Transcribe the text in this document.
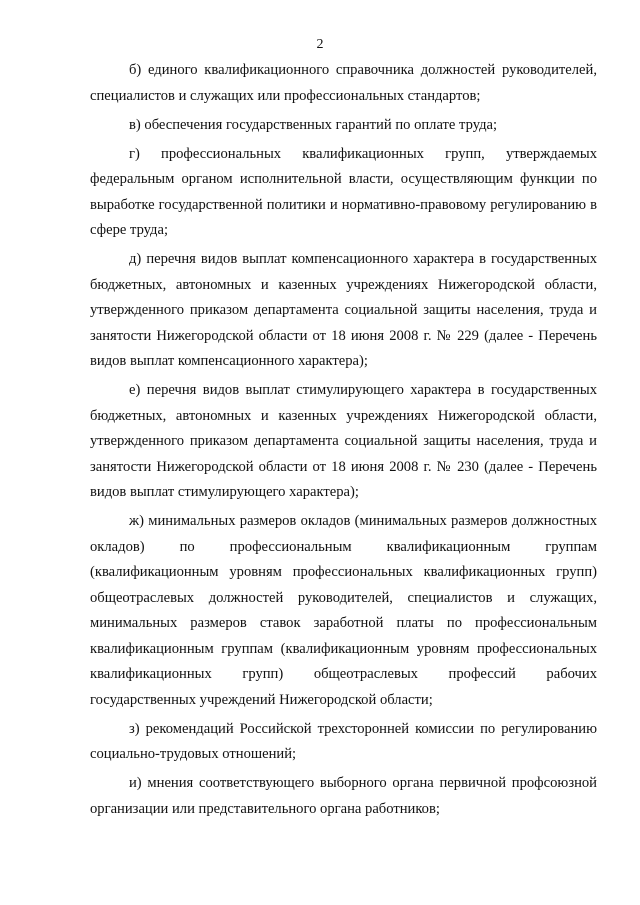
2

б) единого квалификационного справочника должностей руководителей, специалистов и служащих или профессиональных стандартов;

в) обеспечения государственных гарантий по оплате труда;

г) профессиональных квалификационных групп, утверждаемых федеральным органом исполнительной власти, осуществляющим функции по выработке государственной политики и нормативно-правовому регулированию в сфере труда;

д) перечня видов выплат компенсационного характера в государственных бюджетных, автономных и казенных учреждениях Нижегородской области, утвержденного приказом департамента социальной защиты населения, труда и занятости Нижегородской области от 18 июня 2008 г. № 229 (далее - Перечень видов выплат компенсационного характера);

е) перечня видов выплат стимулирующего характера в государственных бюджетных, автономных и казенных учреждениях Нижегородской области, утвержденного приказом департамента социальной защиты населения, труда и занятости Нижегородской области от 18 июня 2008 г. № 230 (далее - Перечень видов выплат стимулирующего характера);

ж) минимальных размеров окладов (минимальных размеров должностных окладов) по профессиональным квалификационным группам (квалификационным уровням профессиональных квалификационных групп) общеотраслевых должностей руководителей, специалистов и служащих, минимальных размеров ставок заработной платы по профессиональным квалификационным группам (квалификационным уровням профессиональных квалификационных групп) общеотраслевых профессий рабочих государственных учреждений Нижегородской области;

з) рекомендаций Российской трехсторонней комиссии по регулированию социально-трудовых отношений;

и) мнения соответствующего выборного органа первичной профсоюзной организации или представительного органа работников;
